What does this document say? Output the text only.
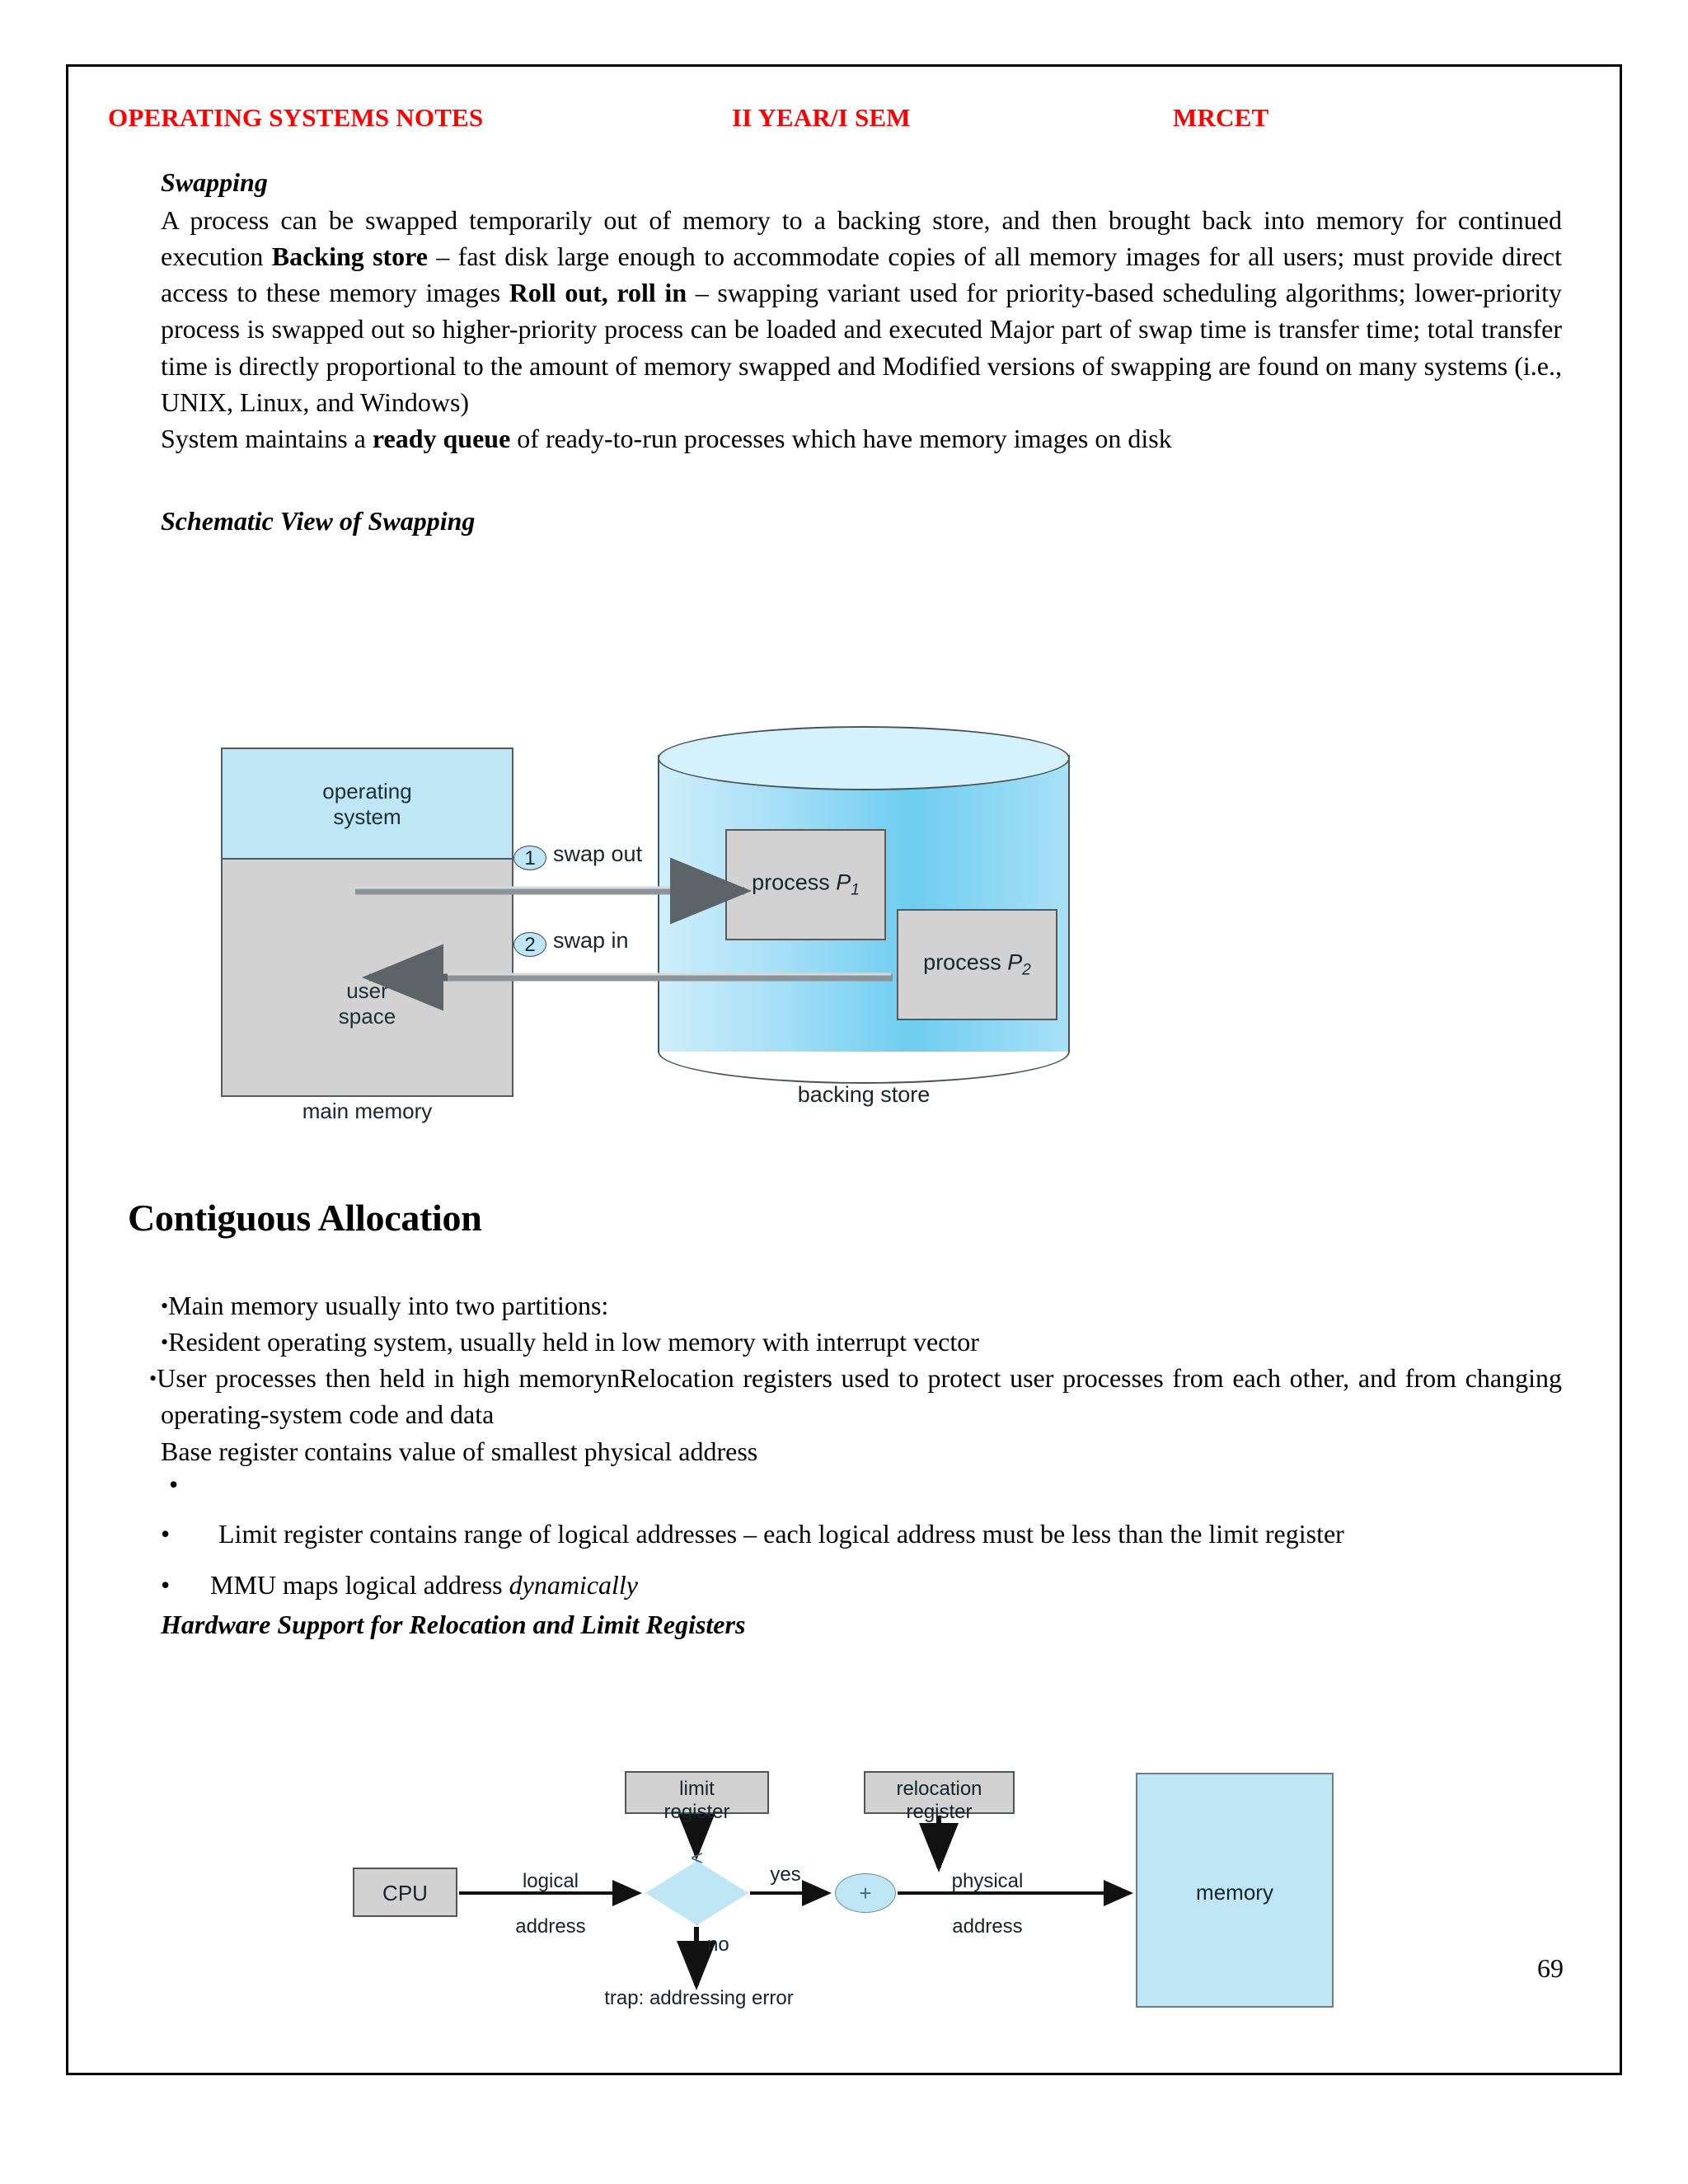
OPERATING SYSTEMS NOTES	II YEAR/I SEM	MRCET
Swapping

A process can be swapped temporarily out of memory to a backing store, and then brought back into memory for continued execution Backing store – fast disk large enough to accommodate copies of all memory images for all users; must provide direct access to these memory images Roll out, roll in – swapping variant used for priority-based scheduling algorithms; lower-priority process is swapped out so higher-priority process can be loaded and executed Major part of swap time is transfer time; total transfer time is directly proportional to the amount of memory swapped and Modified versions of swapping are found on many systems (i.e., UNIX, Linux, and Windows)

System maintains a ready queue of ready-to-run processes which have memory images on disk

Schematic View of Swapping
operating
system
user
space
main memory
process $P_1$
process $P_2$
backing store
1 swap out
2 swap in
Contiguous Allocation

• Main memory usually into two partitions:

• Resident operating system, usually held in low memory with interrupt vector

• User processes then held in high memorynRelocation registers used to protect user processes from each other, and from changing operating-system code and data

Base register contains value of smallest physical address

•

• Limit register contains range of logical addresses – each logical address must be less than the limit register

• MMU maps logical address dynamically

Hardware Support for Relocation and Limit Registers
limit
register
relocation
register
CPU
<
+	memory

logical

address

yes	physical

address

no
trap: addressing error
69
